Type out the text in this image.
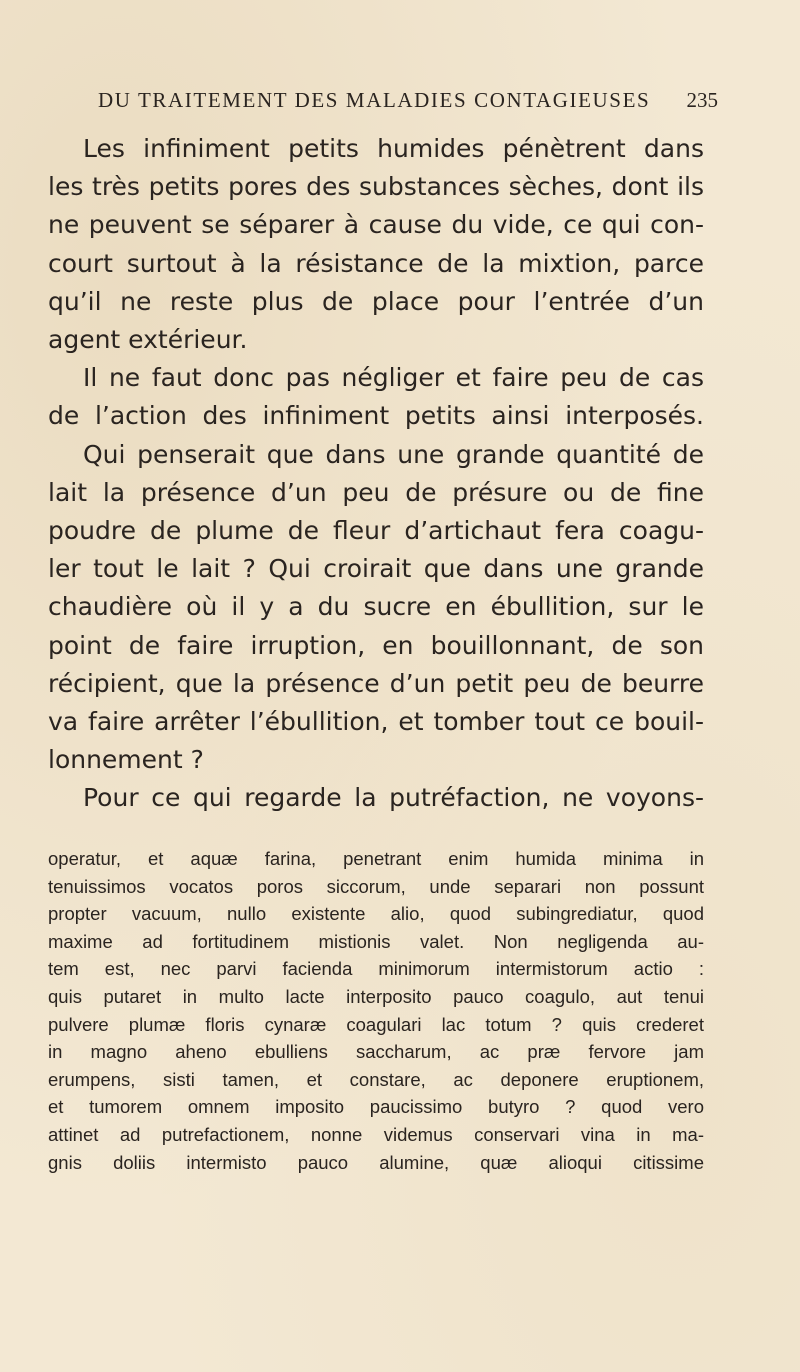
DU TRAITEMENT DES MALADIES CONTAGIEUSES 235
Les infiniment petits humides pénètrent dans
les très petits pores des substances sèches, dont ils
ne peuvent se séparer à cause du vide, ce qui con-
court surtout à la résistance de la mixtion, parce
qu’il ne reste plus de place pour l’entrée d’un
agent extérieur.
Il ne faut donc pas négliger et faire peu de cas
de l’action des infiniment petits ainsi interposés.
Qui penserait que dans une grande quantité de
lait la présence d’un peu de présure ou de fine
poudre de plume de fleur d’artichaut fera coagu-
ler tout le lait ? Qui croirait que dans une grande
chaudière où il y a du sucre en ébullition, sur le
point de faire irruption, en bouillonnant, de son
récipient, que la présence d’un petit peu de beurre
va faire arrêter l’ébullition, et tomber tout ce bouil-
lonnement ?
Pour ce qui regarde la putréfaction, ne voyons-
operatur, et aquæ farina, penetrant enim humida minima in
tenuissimos vocatos poros siccorum, unde separari non possunt
propter vacuum, nullo existente alio, quod subingrediatur, quod
maxime ad fortitudinem mistionis valet. Non negligenda au-
tem est, nec parvi facienda minimorum intermistorum actio :
quis putaret in multo lacte interposito pauco coagulo, aut tenui
pulvere plumæ floris cynaræ coagulari lac totum ? quis crederet
in magno aheno ebulliens saccharum, ac præ fervore jam
erumpens, sisti tamen, et constare, ac deponere eruptionem,
et tumorem omnem imposito paucissimo butyro ? quod vero
attinet ad putrefactionem, nonne videmus conservari vina in ma-
gnis doliis intermisto pauco alumine, quæ alioqui citissime
